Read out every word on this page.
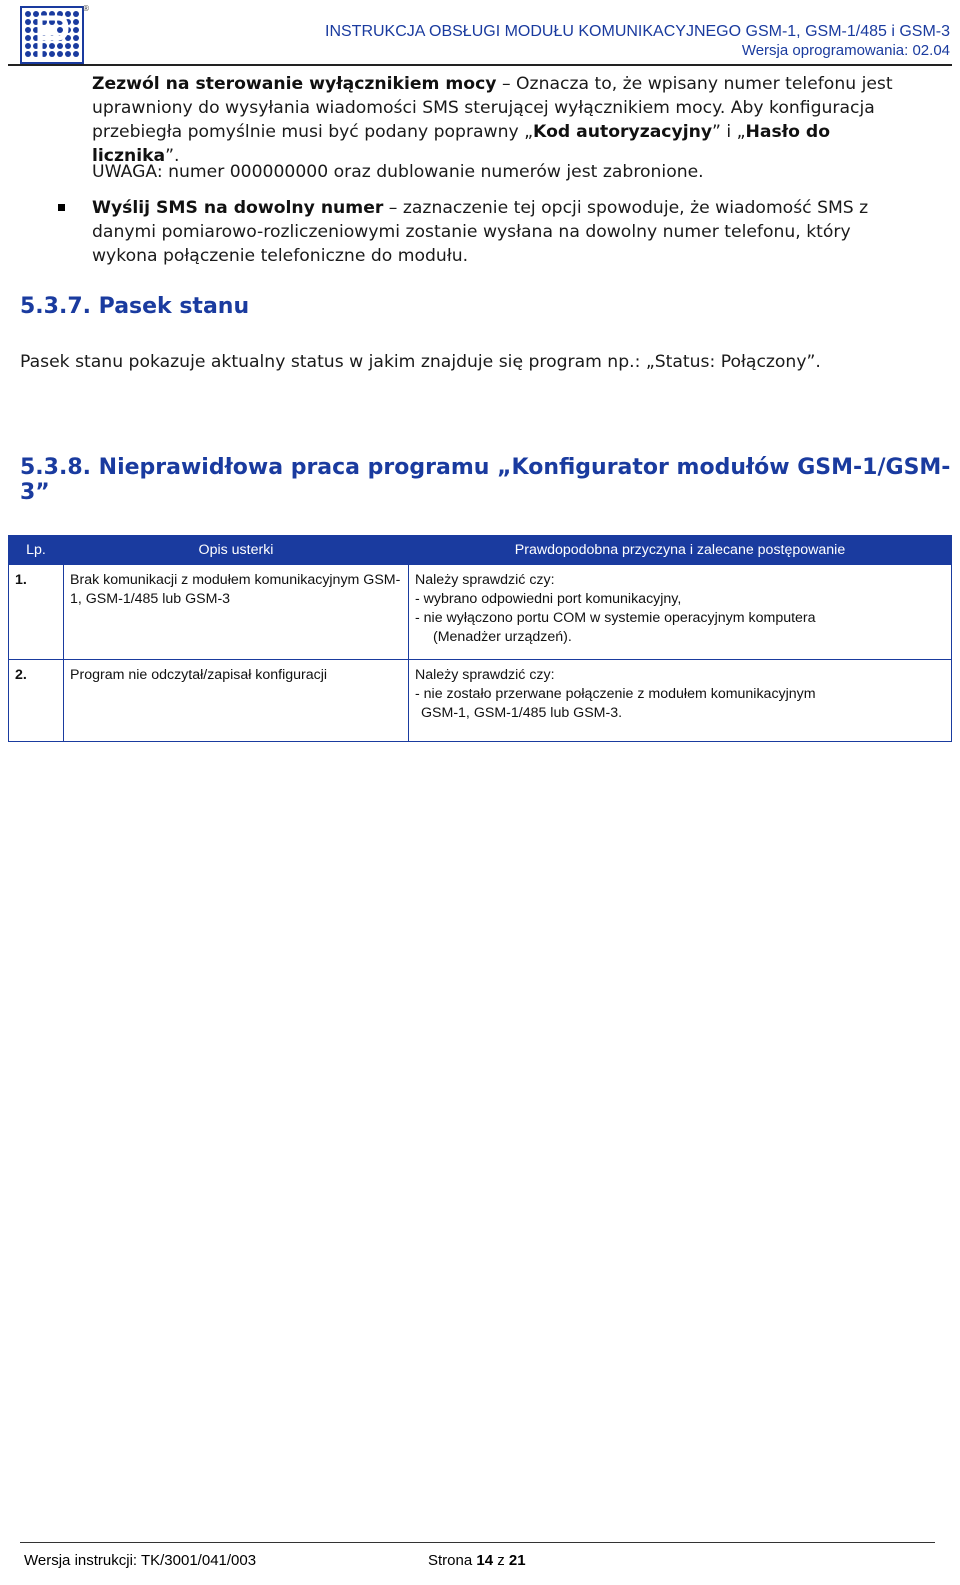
®
INSTRUKCJA OBSŁUGI MODUŁU KOMUNIKACYJNEGO GSM-1, GSM-1/485 i GSM-3
Wersja oprogramowania: 02.04
Zezwól na sterowanie wyłącznikiem mocy – Oznacza to, że wpisany numer telefonu jest uprawniony do wysyłania wiadomości SMS sterującej wyłącznikiem mocy. Aby konfiguracja przebiegła pomyślnie musi być podany poprawny „Kod autoryzacyjny” i „Hasło do licznika”.
UWAGA: numer 000000000 oraz dublowanie numerów jest zabronione.
Wyślij SMS na dowolny numer – zaznaczenie tej opcji spowoduje, że wiadomość SMS z danymi pomiarowo-rozliczeniowymi zostanie wysłana na dowolny numer telefonu, który wykona połączenie telefoniczne do modułu.
5.3.7. Pasek stanu
Pasek stanu pokazuje aktualny status w jakim znajduje się program np.: „Status: Połączony”.
5.3.8. Nieprawidłowa praca programu „Konfigurator modułów GSM-1/GSM-3”
Lp.	Opis usterki	Prawdopodobna przyczyna i zalecane postępowanie
1.	Brak komunikacji z modułem komunikacyjnym GSM-1, GSM-1/485 lub GSM-3	Należy sprawdzić czy:
- wybrano odpowiedni port komunikacyjny,
- nie wyłączono portu COM w systemie operacyjnym komputera
(Menadżer urządzeń).

2.	Program nie odczytał/zapisał konfiguracji	Należy sprawdzić czy:
- nie zostało przerwane połączenie z modułem komunikacyjnym
GSM-1, GSM-1/485 lub GSM-3.
Wersja instrukcji: TK/3001/041/003	Strona 14 z 21
